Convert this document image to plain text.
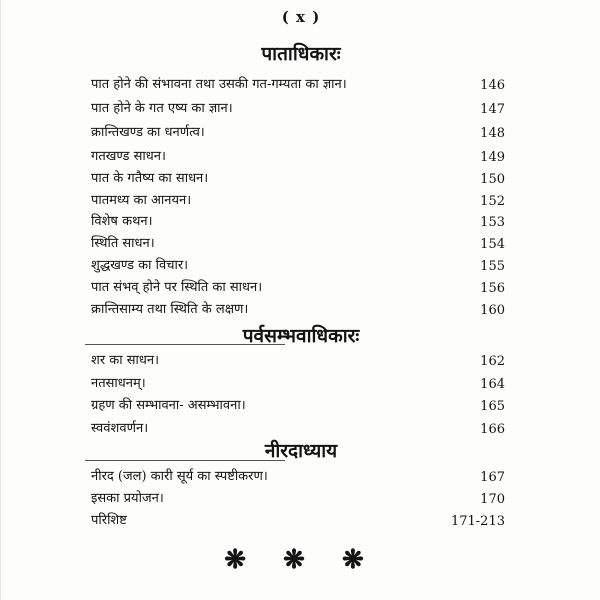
( x )
पाताधिकारः
पात होने की संभावना तथा उसकी गत-गम्यता का ज्ञान।	146
पात होने के गत एष्य का ज्ञान।	147
क्रान्तिखण्ड का धनर्णत्व।	148
गतखण्ड साधन।	149
पात के गतैष्य का साधन।	150
पातमध्य का आनयन।	152
विशेष कथन।	153
स्थिति साधन।	154
शुद्धखण्ड का विचार।	155
पात संभव् होने पर स्थिति का साधन।	156
क्रान्तिसाम्य तथा स्थिति के लक्षण।	160
पर्वसम्भवाधिकारः
शर का साधन।	162
नतसाधनम्।	164
ग्रहण की सम्भावना- असम्भावना।	165
स्ववंशवर्णन।	166
नीरदाध्याय
नीरद (जल) कारी सूर्य का स्पष्टीकरण।	167
इसका प्रयोजन।	170
परिशिष्ट	171-213
❋ ❋ ❋
